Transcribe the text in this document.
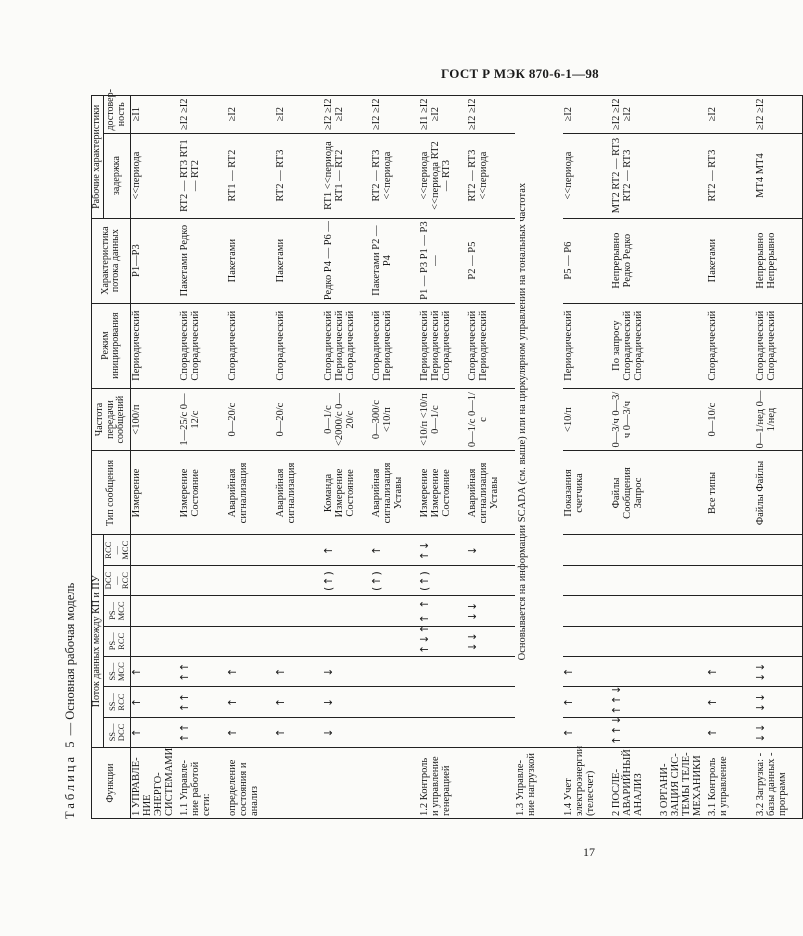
ГОСТ Р МЭК 870-6-1—98
Таблица 5 — Основная рабочая модель
Функции	Поток данных между КП и ПУ							Тип сообщения	Частота передачи сообщений	Режим инициирования	Характеристика потока данных	Рабочие характеристики	
	SS—DCC	SS—RCC	SS—MCC	PS—RCC	PS—MCC	DCC—RCC	RCC—MCC					задержка	достовер-ность
1 УПРАВЛЕ-НИЕ ЭНЕРГО-СИСТЕМАМИ	↑	↑	↑					Измерение	<100/п	Периодический	P1—P3	<<периода	≥I1
1.1 Управле-ние работой сети:	↑↑	↑↑	↑↑					Измерение Состояние	1—25/с 0—12/с	Спорадический Спорадический	Пакетами Редко	RT2 — RT3 RT1 — RT2	≥I2 ≥I2
определение состояния и анализ	↑	↑	↑					Аварийная сигнализация	0—20/с	Спорадический	Пакетами	RT1 — RT2	≥I2
	↑	↑	↑					Аварийная сигнализация	0—20/с	Спорадический	Пакетами	RT2 — RT3	≥I2
	↓	↓	↓			(↑)	↑	Команда Измерение Состояние	0—1/с <2000/с 0—20/с	Спорадический Периодический Спорадический	Редко P4 — P6 —	RT1 <<периода RT1 — RT2	≥I2 ≥I2 ≥I2
						(↑)	↑	Аварийная сигнализация Уставы	0—300/с <10/п	Спорадический Периодический	Пакетами P2 — P4	RT2 — RT3 <<периода	≥I2 ≥I2
1.2 Контроль и управление генерацией				↑↓↑	↑ ↑	(↑)	↑↓	Измерение Измерение Состояние	<10/п <10/п 0—1/с	Периодический Периодический Спорадический	P1 — P3 P1 — P3 —	<<периода <<периода RT2 — RT3	≥I1 ≥I2 ≥I2
				↓↓	↓↓		↓	Аварийная сигнализация Уставы	0—1/с 0—1/с	Спорадический Периодический	P2 — P5	RT2 — RT3 <<периода	≥I2 ≥I2
1.3 Управле-ние нагрузкой	Основывается на информации SCADA (см. выше) или на циркулярном управлении на тональных частотах												
1.4 Учет электроэнергии (телесчет)	↑	↑	↑					Показания счетчика	<10/п	Периодический	P5 — P6	<<периода	≥I2
2 ПОСЛЕ-АВАРИЙНЫЙ АНАЛИЗ	↑↑↓	↑↑↓						Файлы Сообщения Запрос	0—3/ч 0—3/ч 0—3/ч	По запросу Спорадический Спорадический	Непрерывно Редко Редко	MT2 RT2 — RT3 RT2 — RT3	≥I2 ≥I2 ≥I2
3 ОРГАНИ-ЗАЦИЯ СИС-ТЕМЫ ТЕЛЕ-МЕХАНИКИ													
3.1 Контроль и управление	↑	↑	↑					Все типы	0—10/с	Спорадический	Пакетами	RT2 — RT3	≥I2
3.2 Загрузка: - базы данных - программ	↓↓	↓↓	↓↓					Файлы Файлы	0—1/нед 0—1/нед	Спорадический Спорадический	Непрерывно Непрерывно	MT4 MT4	≥I2 ≥I2
17
